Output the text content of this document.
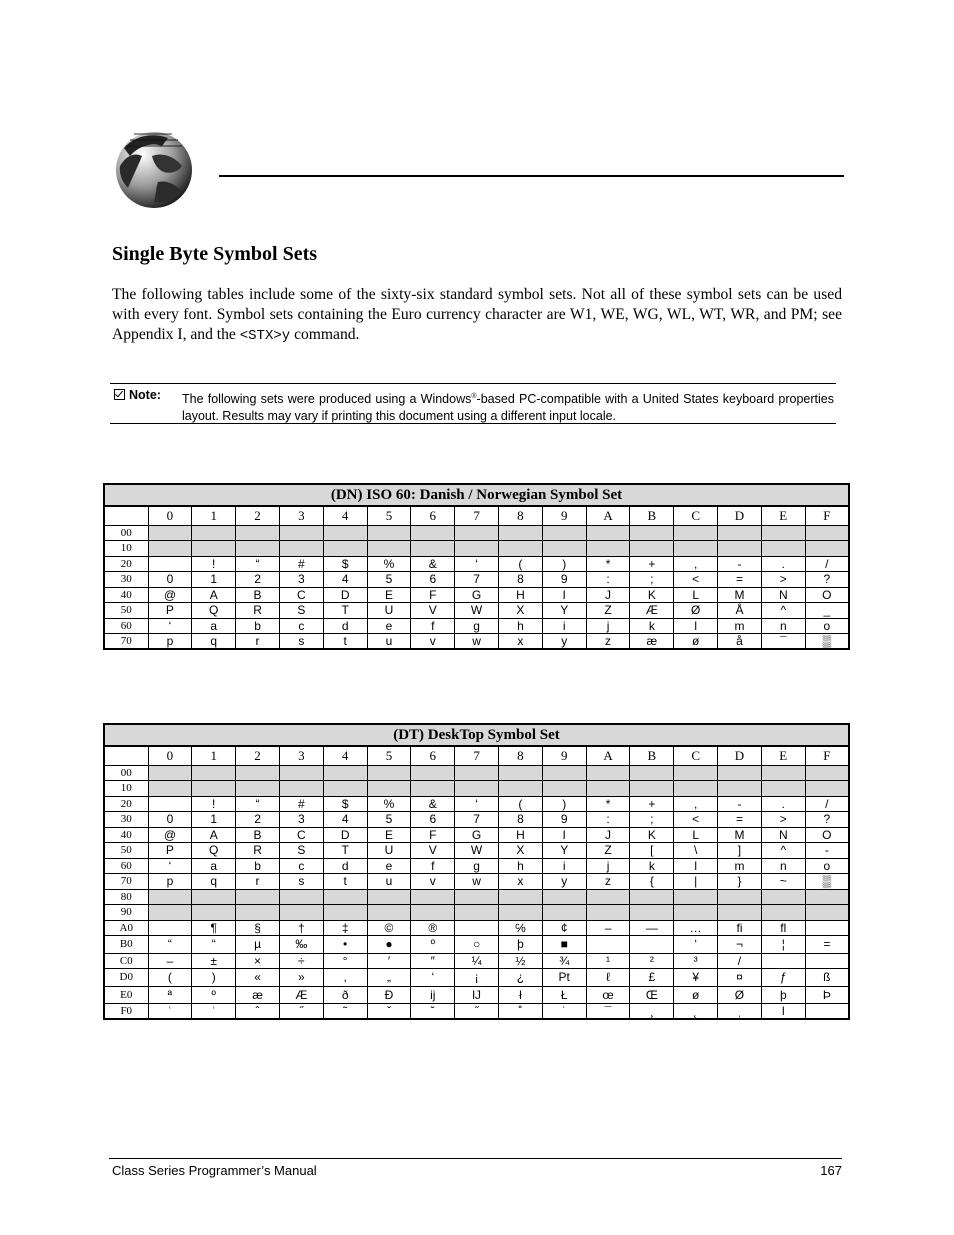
Single Byte Symbol Sets

The following tables include some of the sixty-six standard symbol sets. Not all of these symbol sets can be used with every font. Symbol sets containing the Euro currency character are W1, WE, WG, WL, WT, WR, and PM; see Appendix I, and the <STX>y command.

Note: The following sets were produced using a Windows®-based PC-compatible with a United States keyboard properties layout. Results may vary if printing this document using a different input locale.
(DN) ISO 60: Danish / Norwegian Symbol Set																
	0	1	2	3	4	5	6	7	8	9	A	B	C	D	E	F
00																
10																
20		!	“	#	$	%	&	‘	(	)	*	+	,	-	.	/
30	0	1	2	3	4	5	6	7	8	9	:	;	<	=	>	?
40	@	A	B	C	D	E	F	G	H	I	J	K	L	M	N	O
50	P	Q	R	S	T	U	V	W	X	Y	Z	Æ	Ø	Å	^	_
60	‘	a	b	c	d	e	f	g	h	i	j	k	l	m	n	o
70	p	q	r	s	t	u	v	w	x	y	z	æ	ø	å	¯	▒
(DT) DeskTop Symbol Set																
	0	1	2	3	4	5	6	7	8	9	A	B	C	D	E	F
00																
10																
20		!	“	#	$	%	&	‘	(	)	*	+	,	-	.	/
30	0	1	2	3	4	5	6	7	8	9	:	;	<	=	>	?
40	@	A	B	C	D	E	F	G	H	I	J	K	L	M	N	O
50	P	Q	R	S	T	U	V	W	X	Y	Z	[	\	]	^	-
60	‘	a	b	c	d	e	f	g	h	i	j	k	l	m	n	o
70	p	q	r	s	t	u	v	w	x	y	z	{	|	}	~	▒
80																
90																
A0		¶	§	†	‡	©	®		℅	¢	–	—	…	ﬁ	ﬂ	
B0	“	“	µ	‰	•	●	º	○	þ	■			‘	¬	¦	=
C0	–	±	×	÷	°	′	″	¼	½	¾	¹	²	³	/		
D0	(	)	«	»	,	„	‘	¡	¿	Pt	ℓ	£	¥	¤	ƒ	ß
E0	ª	º	æ	Æ	ð	Ð	ĳ	Ĳ	ł	Ł	œ	Œ	ø	Ø	þ	Þ
F0	ʿ	ʾ	ˆ	˝	˜	ˇ	˘	˝	˚	˙	¯	¸	˛	ˌ	ǀ	
Class Series Programmer’s Manual	167
